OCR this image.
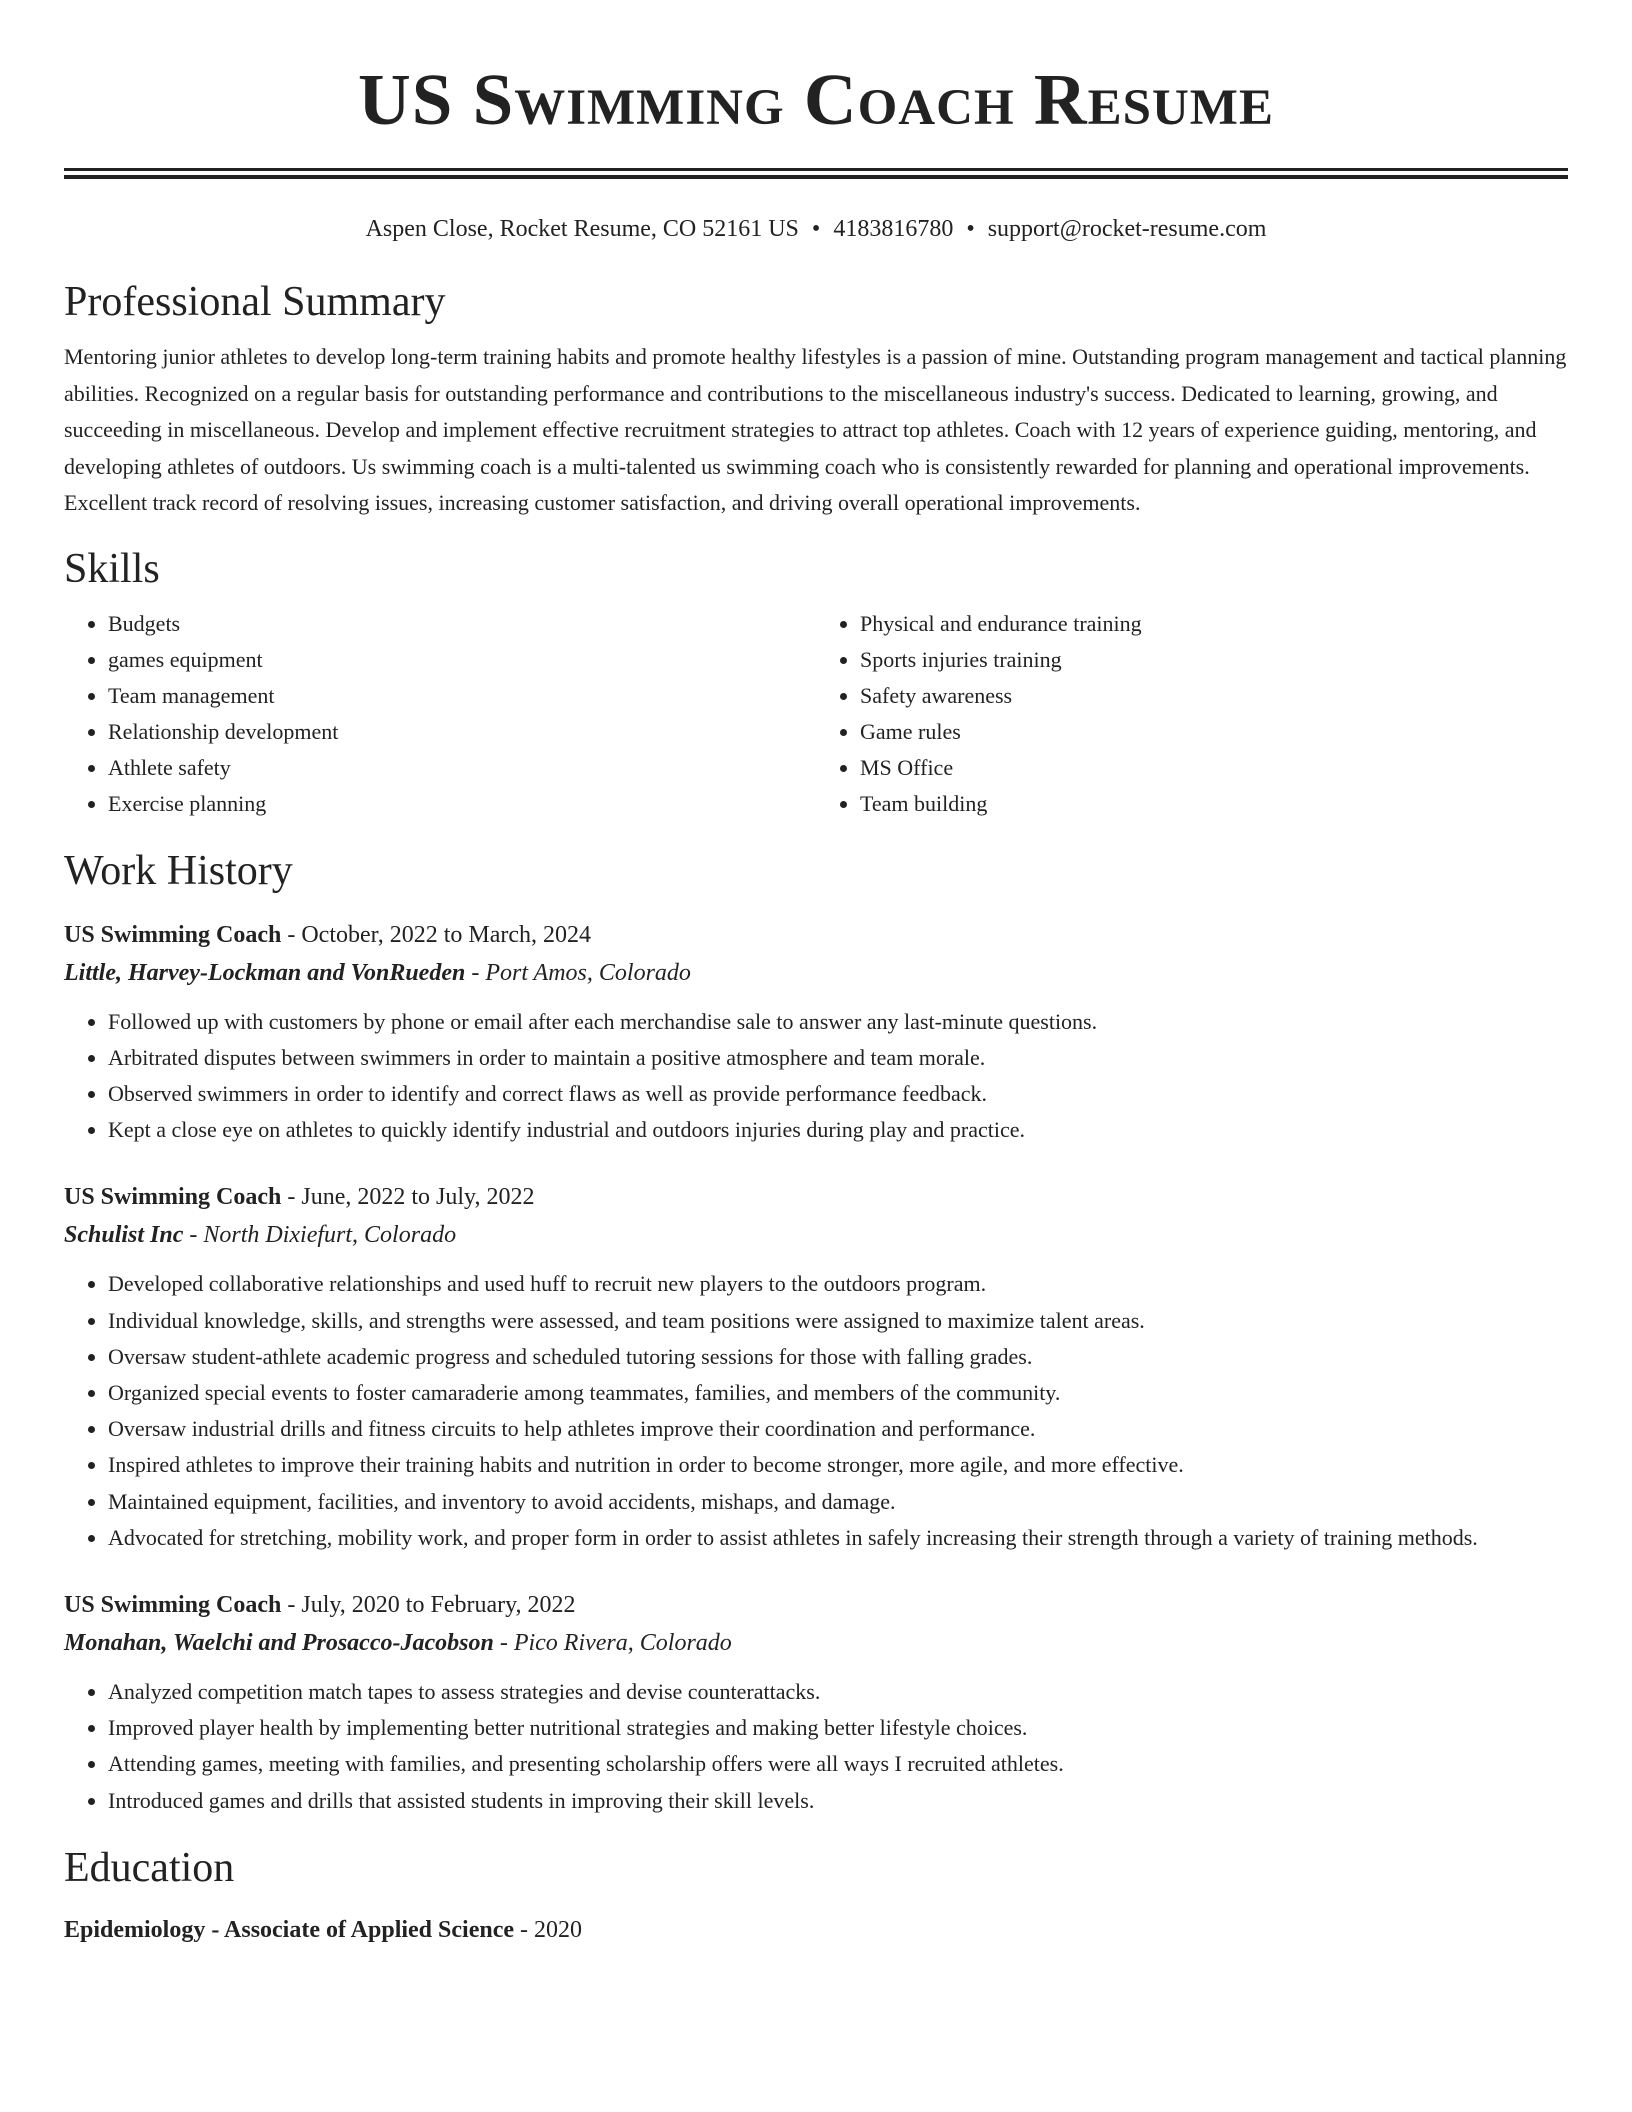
US Swimming Coach Resume
Aspen Close, Rocket Resume, CO 52161 US • 4183816780 • support@rocket-resume.com
Professional Summary
Mentoring junior athletes to develop long-term training habits and promote healthy lifestyles is a passion of mine. Outstanding program management and tactical planning abilities. Recognized on a regular basis for outstanding performance and contributions to the miscellaneous industry's success. Dedicated to learning, growing, and succeeding in miscellaneous. Develop and implement effective recruitment strategies to attract top athletes. Coach with 12 years of experience guiding, mentoring, and developing athletes of outdoors. Us swimming coach is a multi-talented us swimming coach who is consistently rewarded for planning and operational improvements. Excellent track record of resolving issues, increasing customer satisfaction, and driving overall operational improvements.
Skills
• Budgets
• games equipment
• Team management
• Relationship development
• Athlete safety
• Exercise planning
• Physical and endurance training
• Sports injuries training
• Safety awareness
• Game rules
• MS Office
• Team building
Work History
US Swimming Coach - October, 2022 to March, 2024
Little, Harvey-Lockman and VonRueden - Port Amos, Colorado
• Followed up with customers by phone or email after each merchandise sale to answer any last-minute questions.
• Arbitrated disputes between swimmers in order to maintain a positive atmosphere and team morale.
• Observed swimmers in order to identify and correct flaws as well as provide performance feedback.
• Kept a close eye on athletes to quickly identify industrial and outdoors injuries during play and practice.
US Swimming Coach - June, 2022 to July, 2022
Schulist Inc - North Dixiefurt, Colorado
• Developed collaborative relationships and used huff to recruit new players to the outdoors program.
• Individual knowledge, skills, and strengths were assessed, and team positions were assigned to maximize talent areas.
• Oversaw student-athlete academic progress and scheduled tutoring sessions for those with falling grades.
• Organized special events to foster camaraderie among teammates, families, and members of the community.
• Oversaw industrial drills and fitness circuits to help athletes improve their coordination and performance.
• Inspired athletes to improve their training habits and nutrition in order to become stronger, more agile, and more effective.
• Maintained equipment, facilities, and inventory to avoid accidents, mishaps, and damage.
• Advocated for stretching, mobility work, and proper form in order to assist athletes in safely increasing their strength through a variety of training methods.
US Swimming Coach - July, 2020 to February, 2022
Monahan, Waelchi and Prosacco-Jacobson - Pico Rivera, Colorado
• Analyzed competition match tapes to assess strategies and devise counterattacks.
• Improved player health by implementing better nutritional strategies and making better lifestyle choices.
• Attending games, meeting with families, and presenting scholarship offers were all ways I recruited athletes.
• Introduced games and drills that assisted students in improving their skill levels.
Education
Epidemiology - Associate of Applied Science - 2020
